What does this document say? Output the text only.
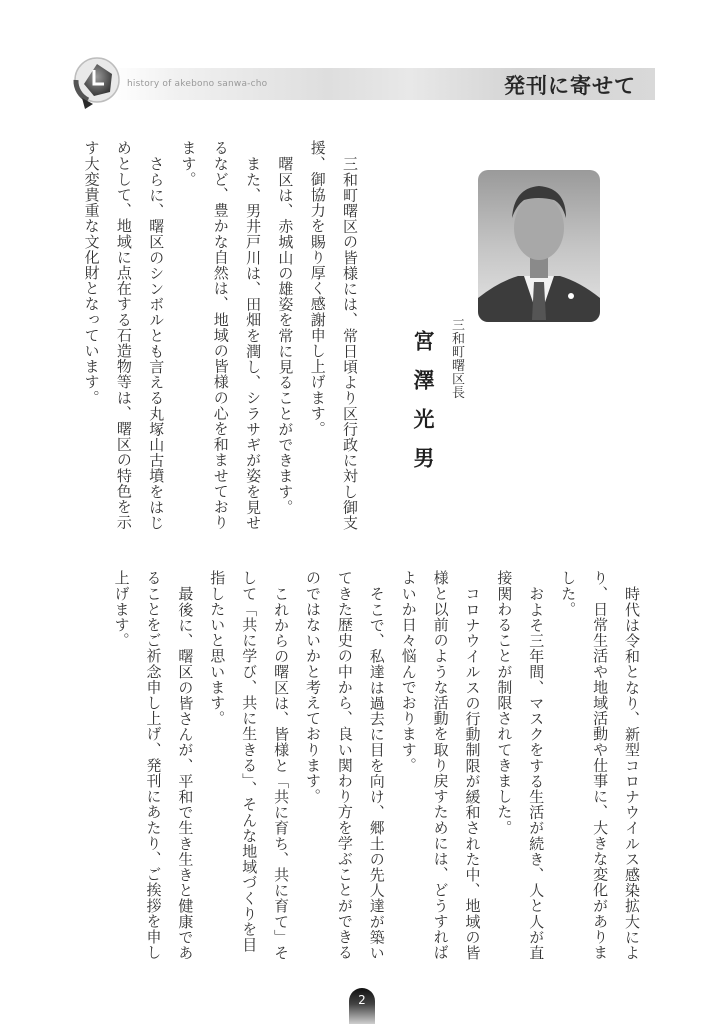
history of akebono sanwa-cho	発刊に寄せて
三和町曙区長
宮澤光男
三和町曙区の皆様には、常日頃より区行政に対し御支
援、御協力を賜り厚く感謝申し上げます。
曙区は、赤城山の雄姿を常に見ることができます。
また、男井戸川は、田畑を潤し、シラサギが姿を見せ
るなど、豊かな自然は、地域の皆様の心を和ませており
ます。
さらに、曙区のシンボルとも言える丸塚山古墳をはじ
めとして、地域に点在する石造物等は、曙区の特色を示
す大変貴重な文化財となっています。
時代は令和となり、新型コロナウイルス感染拡大によ
り、日常生活や地域活動や仕事に、大きな変化がありま
した。
およそ三年間、マスクをする生活が続き、人と人が直
接関わることが制限されてきました。
コロナウイルスの行動制限が緩和された中、地域の皆
様と以前のような活動を取り戻すためには、どうすれば
よいか日々悩んでおります。
そこで、私達は過去に目を向け、郷土の先人達が築い
てきた歴史の中から、良い関わり方を学ぶことができる
のではないかと考えております。
これからの曙区は、皆様と「共に育ち、共に育て」そ
して「共に学び、共に生きる」、そんな地域づくりを目
指したいと思います。
最後に、曙区の皆さんが、平和で生き生きと健康であ
ることをご祈念申し上げ、発刊にあたり、ご挨拶を申し
上げます。
2
